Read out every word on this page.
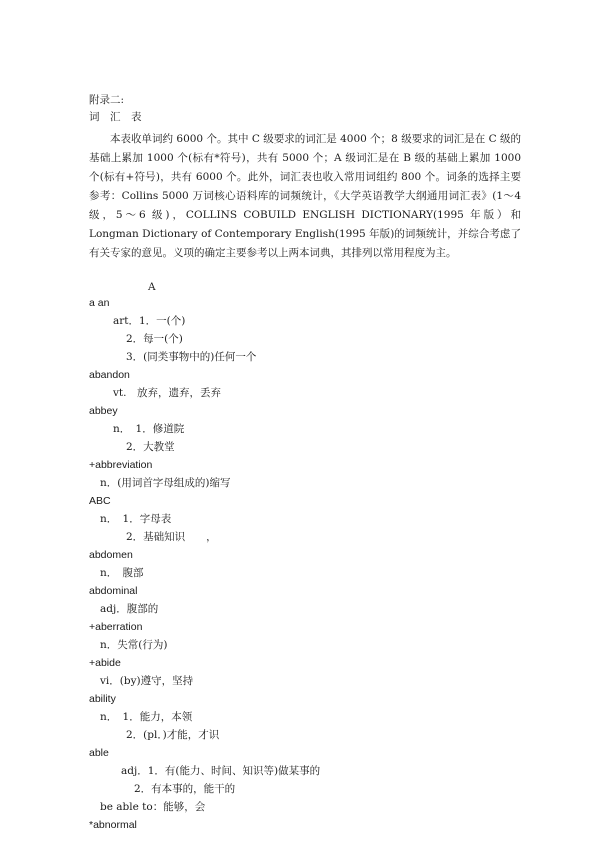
附录二:
词　汇　表

本表收单词约 6000 个。其中 C 级要求的词汇是 4000 个；8 级要求的词汇是在 C 级的基础上累加 1000 个(标有*符号)，共有 5000 个；A 级词汇是在 B 级的基础上累加 1000 个(标有+符号)，共有 6000 个。此外，词汇表也收入常用词组约 800 个。词条的选择主要参考：Collins 5000 万词核心语料库的词频统计，《大学英语教学大纲通用词汇表》(1～4 级，5～6 级)，COLLINS COBUILD ENGLISH DICTIONARY(1995 年版）和 Longman Dictionary of Contemporary English(1995 年版)的词频统计，并综合考虑了有关专家的意见。义项的确定主要参考以上两本词典，其排列以常用程度为主。

A
a an
art．1．一(个)
2．每一(个)
3．(同类事物中的)任何一个
abandon
vt.　放弃，遗弃，丢弃
abbey
n．　1．修道院
2．大教堂
+abbreviation
n．(用词首字母组成的)缩写
ABC
n．　1．字母表
2．基础知识　　，
abdomen
n．　腹部
abdominal
adj．腹部的
+aberration
n．失常(行为)
+abide
vi．(by)遵守，坚持
ability
n．　1．能力，本领
2．(pl．)才能，才识
able
adj．1．有(能力、时间、知识等)做某事的
2．有本事的，能干的
be able to：能够，会
*abnormal
